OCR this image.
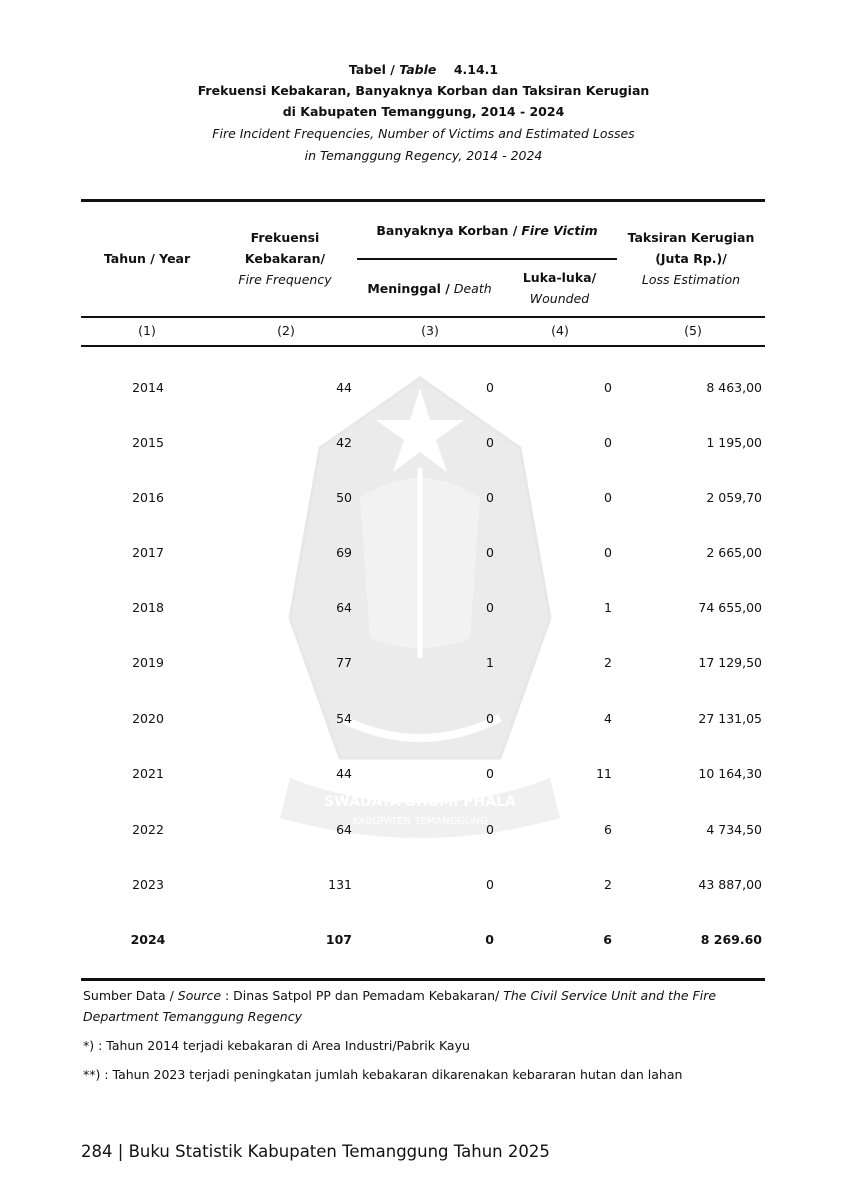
SWADAYA BHUMI PHALA
KABUPATEN TEMANGGUNG
Tabel / Table 4.14.1
Frekuensi Kebakaran, Banyaknya Korban dan Taksiran Kerugian
di Kabupaten Temanggung, 2014 - 2024
Fire Incident Frequencies, Number of Victims and Estimated Losses
in Temanggung Regency, 2014 - 2024
Tahun / Year
Frekuensi
Kebakaran/
Fire Frequency
Banyaknya Korban / Fire Victim
Meninggal / Death
Luka-luka/
Wounded
Taksiran Kerugian
(Juta Rp.)/
Loss Estimation
(1)	(2)	(3)	(4)	(5)
2014	44	0	0	8 463,00
2015	42	0	0	1 195,00
2016	50	0	0	2 059,70
2017	69	0	0	2 665,00
2018	64	0	1	74 655,00
2019	77	1	2	17 129,50
2020	54	0	4	27 131,05
2021	44	0	11	10 164,30
2022	64	0	6	4 734,50
2023	131	0	2	43 887,00
2024	107	0	6	8 269.60
Sumber Data / Source : Dinas Satpol PP dan Pemadam Kebakaran/ The Civil Service Unit and the Fire
Department Temanggung Regency
*) : Tahun 2014 terjadi kebakaran di Area Industri/Pabrik Kayu
**) : Tahun 2023 terjadi peningkatan jumlah kebakaran dikarenakan kebararan hutan dan lahan
284 | Buku Statistik Kabupaten Temanggung Tahun 2025
